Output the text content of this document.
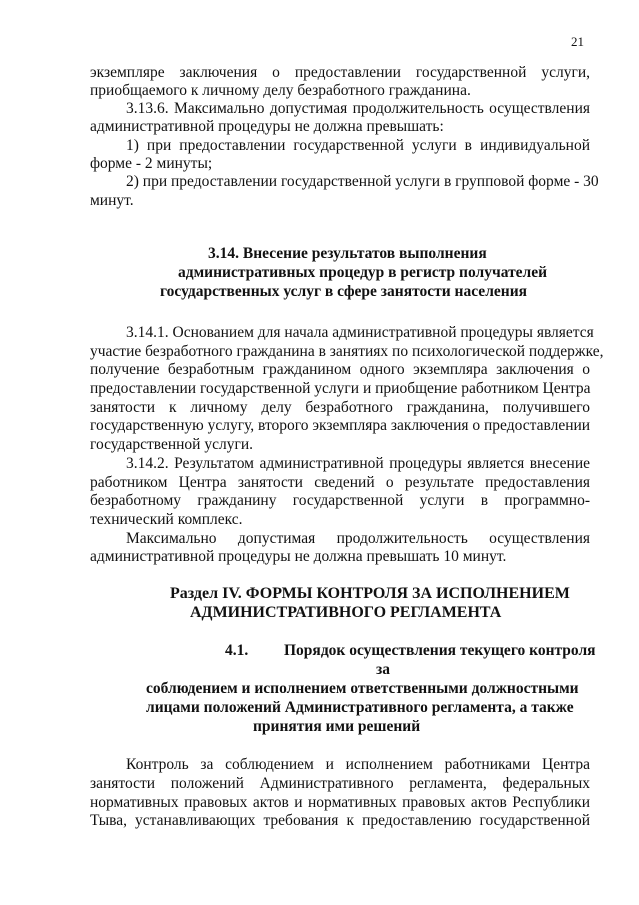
21
экземпляре заключения о предоставлении государственной услуги,
приобщаемого к личному делу безработного гражданина.
3.13.6. Максимально допустимая продолжительность осуществления
административной процедуры не должна превышать:
1) при предоставлении государственной услуги в индивидуальной
форме - 2 минуты;
2) при предоставлении государственной услуги в групповой форме - 30
минут.
3.14. Внесение результатов выполнения
административных процедур в регистр получателей
государственных услуг в сфере занятости населения
3.14.1. Основанием для начала административной процедуры является
участие безработного гражданина в занятиях по психологической поддержке,
получение безработным гражданином одного экземпляра заключения о
предоставлении государственной услуги и приобщение работником Центра
занятости к личному делу безработного гражданина, получившего
государственную услугу, второго экземпляра заключения о предоставлении
государственной услуги.
3.14.2. Результатом административной процедуры является внесение
работником Центра занятости сведений о результате предоставления
безработному гражданину государственной услуги в программно-
технический комплекс.
Максимально допустимая продолжительность осуществления
административной процедуры не должна превышать 10 минут.
Раздел IV. ФОРМЫ КОНТРОЛЯ ЗА ИСПОЛНЕНИЕМ
АДМИНИСТРАТИВНОГО РЕГЛАМЕНТА
4.1. Порядок осуществления текущего контроля
за
соблюдением и исполнением ответственными должностными
лицами положений Административного регламента, а также
принятия ими решений
Контроль за соблюдением и исполнением работниками Центра
занятости положений Административного регламента, федеральных
нормативных правовых актов и нормативных правовых актов Республики
Тыва, устанавливающих требования к предоставлению государственной
